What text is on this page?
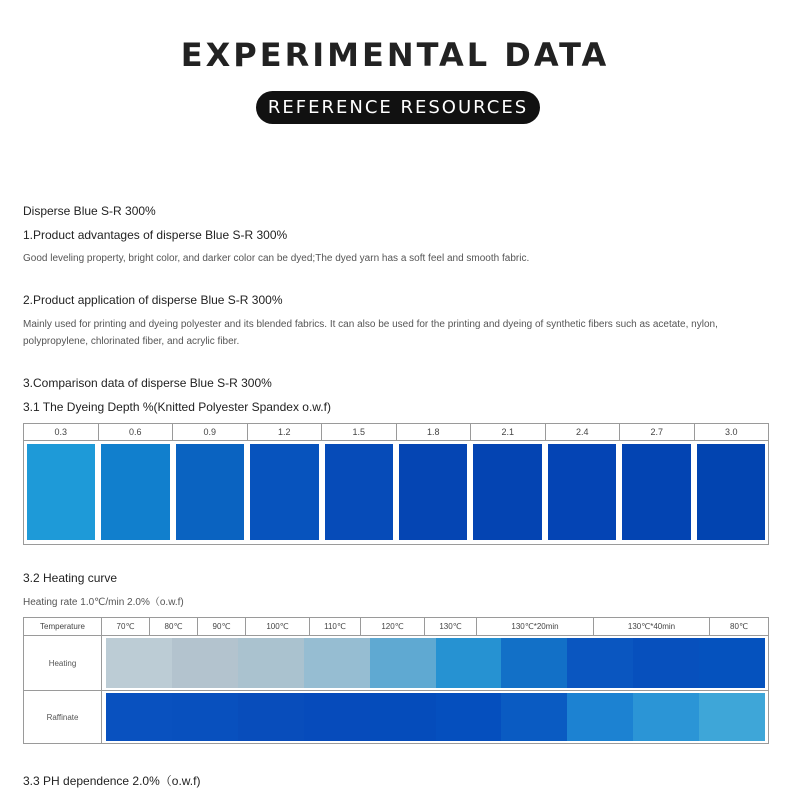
EXPERIMENTAL DATA
REFERENCE RESOURCES
Disperse Blue S-R 300%
1.Product advantages of disperse Blue S-R 300%
Good leveling property, bright color, and darker color can be dyed;The dyed yarn has a soft feel and smooth fabric.
2.Product application of disperse Blue S-R 300%
Mainly used for printing and dyeing polyester and its blended fabrics. It can also be used for the printing and dyeing of synthetic fibers such as acetate, nylon, polypropylene, chlorinated fiber, and acrylic fiber.
3.Comparison data of disperse Blue S-R 300%
3.1 The Dyeing Depth %(Knitted Polyester Spandex o.w.f)
0.3	0.6	0.9	1.2	1.5	1.8	2.1	2.4	2.7	3.0
3.2 Heating curve
Heating rate 1.0℃/min 2.0%（o.w.f)
Temperature	70℃	80℃	90℃	100℃	110℃	120℃	130℃	130℃*20min	130℃*40min	80℃
Heating
Raffinate
3.3 PH dependence 2.0%（o.w.f)
